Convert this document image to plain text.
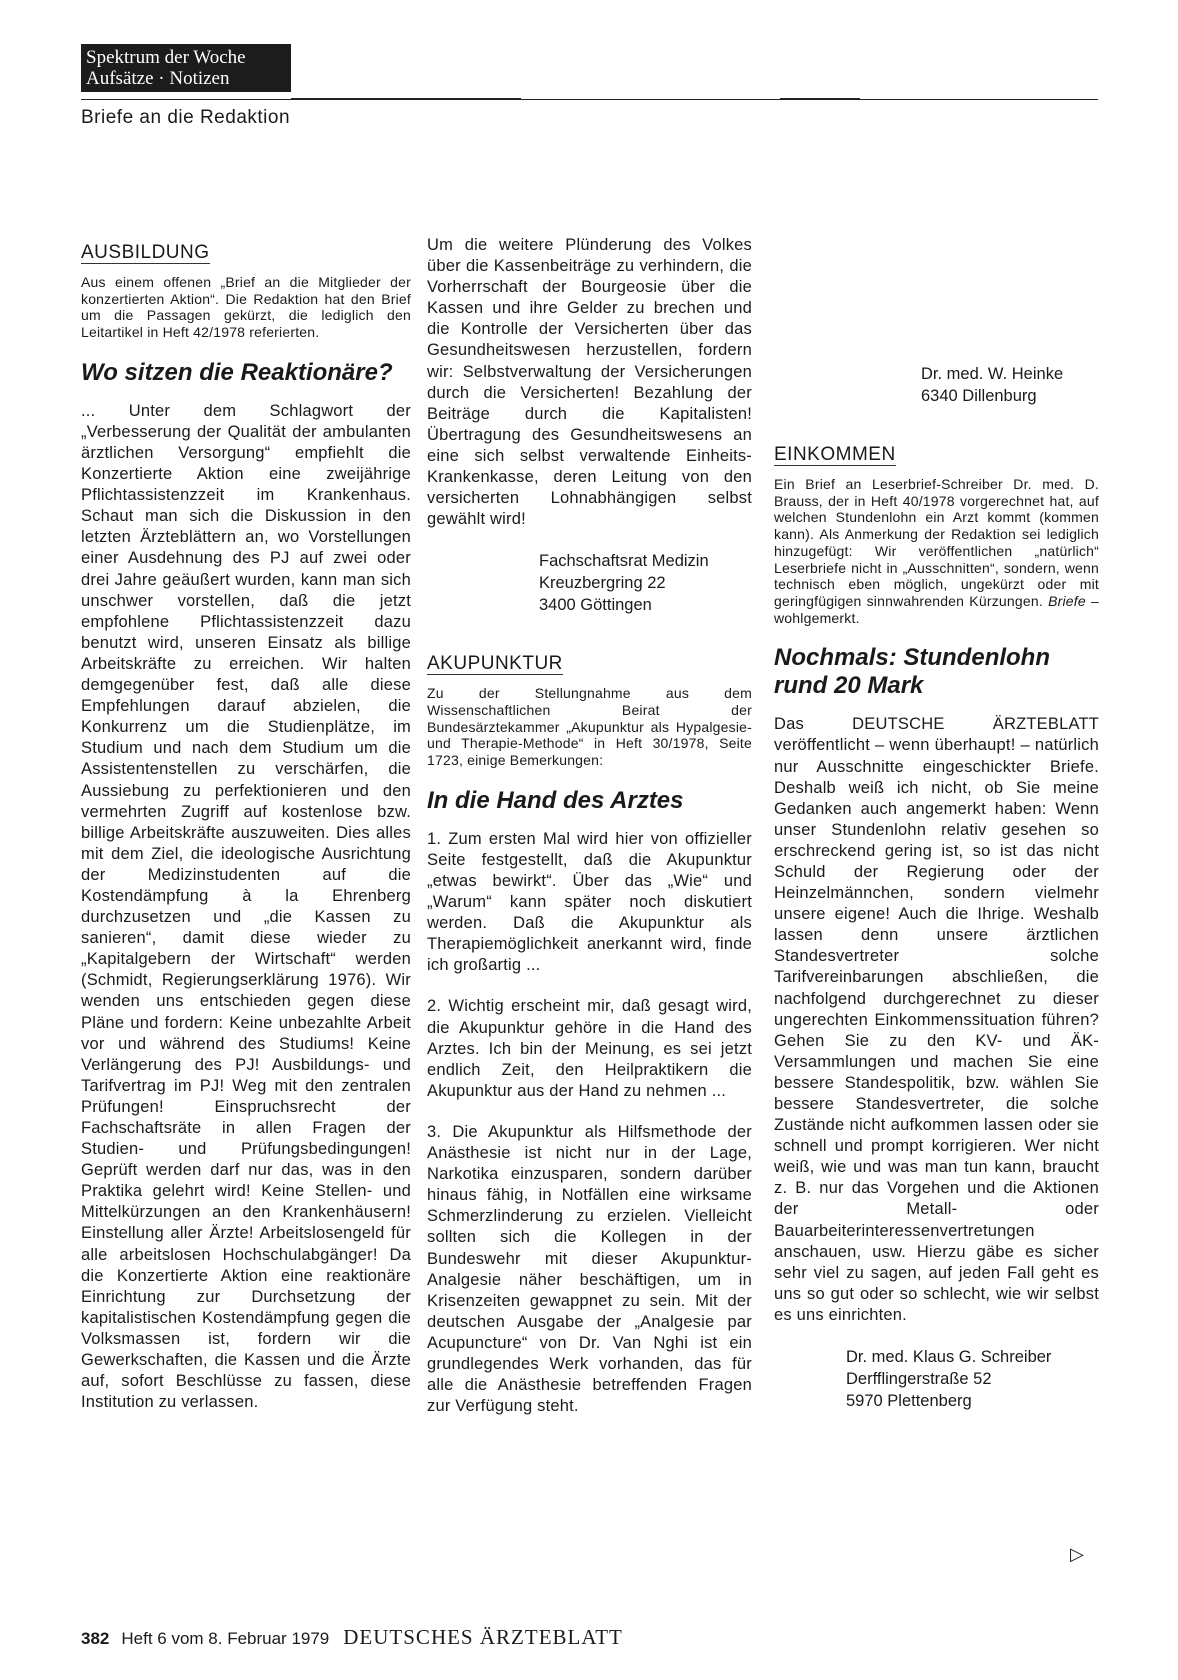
Spektrum der Woche
Aufsätze · Notizen
Briefe an die Redaktion
AUSBILDUNG

Aus einem offenen „Brief an die Mitglieder der konzertierten Aktion“. Die Redaktion hat den Brief um die Passagen gekürzt, die lediglich den Leitartikel in Heft 42/1978 referierten.

Wo sitzen die Reaktionäre?

... Unter dem Schlagwort der „Verbesserung der Qualität der ambulanten ärztlichen Versorgung“ empfiehlt die Konzertierte Aktion eine zweijährige Pflichtassistenzzeit im Krankenhaus. Schaut man sich die Diskussion in den letzten Ärzteblättern an, wo Vorstellungen einer Ausdehnung des PJ auf zwei oder drei Jahre geäußert wurden, kann man sich unschwer vorstellen, daß die jetzt empfohlene Pflichtassistenzzeit dazu benutzt wird, unseren Einsatz als billige Arbeitskräfte zu erreichen. Wir halten demgegenüber fest, daß alle diese Empfehlungen darauf abzielen, die Konkurrenz um die Studienplätze, im Studium und nach dem Studium um die Assistentenstellen zu verschärfen, die Aussiebung zu perfektionieren und den vermehrten Zugriff auf kostenlose bzw. billige Arbeitskräfte auszuweiten. Dies alles mit dem Ziel, die ideologische Ausrichtung der Medizinstudenten auf die Kostendämpfung à la Ehrenberg durchzusetzen und „die Kassen zu sanieren“, damit diese wieder zu „Kapitalgebern der Wirtschaft“ werden (Schmidt, Regierungserklärung 1976). Wir wenden uns entschieden gegen diese Pläne und fordern: Keine unbezahlte Arbeit vor und während des Studiums! Keine Verlängerung des PJ! Ausbildungs- und Tarifvertrag im PJ! Weg mit den zentralen Prüfungen! Einspruchsrecht der Fachschaftsräte in allen Fragen der Studien- und Prüfungsbedingungen! Geprüft werden darf nur das, was in den Praktika gelehrt wird! Keine Stellen- und Mittelkürzungen an den Krankenhäusern! Einstellung aller Ärzte! Arbeitslosengeld für alle arbeitslosen Hochschulabgänger! Da die Konzertierte Aktion eine reaktionäre Einrichtung zur Durchsetzung der kapitalistischen Kostendämpfung gegen die Volksmassen ist, fordern wir die Gewerkschaften, die Kassen und die Ärzte auf, sofort Beschlüsse zu fassen, diese Institution zu verlassen.

Um die weitere Plünderung des Volkes über die Kassenbeiträge zu verhindern, die Vorherrschaft der Bourgeosie über die Kassen und ihre Gelder zu brechen und die Kontrolle der Versicherten über das Gesundheitswesen herzustellen, fordern wir: Selbstverwaltung der Versicherungen durch die Versicherten! Bezahlung der Beiträge durch die Kapitalisten! Übertragung des Gesundheitswesens an eine sich selbst verwaltende Einheits-Krankenkasse, deren Leitung von den versicherten Lohnabhängigen selbst gewählt wird!

Fachschaftsrat Medizin
Kreuzbergring 22
3400 Göttingen
AKUPUNKTUR

Zu der Stellungnahme aus dem Wissenschaftlichen Beirat der Bundesärztekammer „Akupunktur als Hypalgesie- und Therapie-Methode“ in Heft 30/1978, Seite 1723, einige Bemerkungen:

In die Hand des Arztes

1. Zum ersten Mal wird hier von offizieller Seite festgestellt, daß die Akupunktur „etwas bewirkt“. Über das „Wie“ und „Warum“ kann später noch diskutiert werden. Daß die Akupunktur als Therapiemöglichkeit anerkannt wird, finde ich großartig ...

2. Wichtig erscheint mir, daß gesagt wird, die Akupunktur gehöre in die Hand des Arztes. Ich bin der Meinung, es sei jetzt endlich Zeit, den Heilpraktikern die Akupunktur aus der Hand zu nehmen ...

3. Die Akupunktur als Hilfsmethode der Anästhesie ist nicht nur in der Lage, Narkotika einzusparen, sondern darüber hinaus fähig, in Notfällen eine wirksame Schmerzlinderung zu erzielen. Vielleicht sollten sich die Kollegen in der Bundeswehr mit dieser Akupunktur-Analgesie näher beschäftigen, um in Krisenzeiten gewappnet zu sein. Mit der deutschen Ausgabe der „Analgesie par Acupuncture“ von Dr. Van Nghi ist ein grundlegendes Werk vorhanden, das für alle die Anästhesie betreffenden Fragen zur Verfügung steht.

Dr. med. W. Heinke
6340 Dillenburg
EINKOMMEN

Ein Brief an Leserbrief-Schreiber Dr. med. D. Brauss, der in Heft 40/1978 vorgerechnet hat, auf welchen Stundenlohn ein Arzt kommt (kommen kann). Als Anmerkung der Redaktion sei lediglich hinzugefügt: Wir veröffentlichen „natürlich“ Leserbriefe nicht in „Ausschnitten“, sondern, wenn technisch eben möglich, ungekürzt oder mit geringfügigen sinnwahrenden Kürzungen. Briefe – wohlgemerkt.

Nochmals: Stundenlohn rund 20 Mark

Das DEUTSCHE ÄRZTEBLATT veröffentlicht – wenn überhaupt! – natürlich nur Ausschnitte eingeschickter Briefe. Deshalb weiß ich nicht, ob Sie meine Gedanken auch angemerkt haben: Wenn unser Stundenlohn relativ gesehen so erschreckend gering ist, so ist das nicht Schuld der Regierung oder der Heinzelmännchen, sondern vielmehr unsere eigene! Auch die Ihrige. Weshalb lassen denn unsere ärztlichen Standesvertreter solche Tarifvereinbarungen abschließen, die nachfolgend durchgerechnet zu dieser ungerechten Einkommenssituation führen? Gehen Sie zu den KV- und ÄK-Versammlungen und machen Sie eine bessere Standespolitik, bzw. wählen Sie bessere Standesvertreter, die solche Zustände nicht aufkommen lassen oder sie schnell und prompt korrigieren. Wer nicht weiß, wie und was man tun kann, braucht z. B. nur das Vorgehen und die Aktionen der Metall- oder Bauarbeiterinteressenvertretungen anschauen, usw. Hierzu gäbe es sicher sehr viel zu sagen, auf jeden Fall geht es uns so gut oder so schlecht, wie wir selbst es uns einrichten.

Dr. med. Klaus G. Schreiber
Derfflingerstraße 52
5970 Plettenberg
▷
382 Heft 6 vom 8. Februar 1979 DEUTSCHES ÄRZTEBLATT
